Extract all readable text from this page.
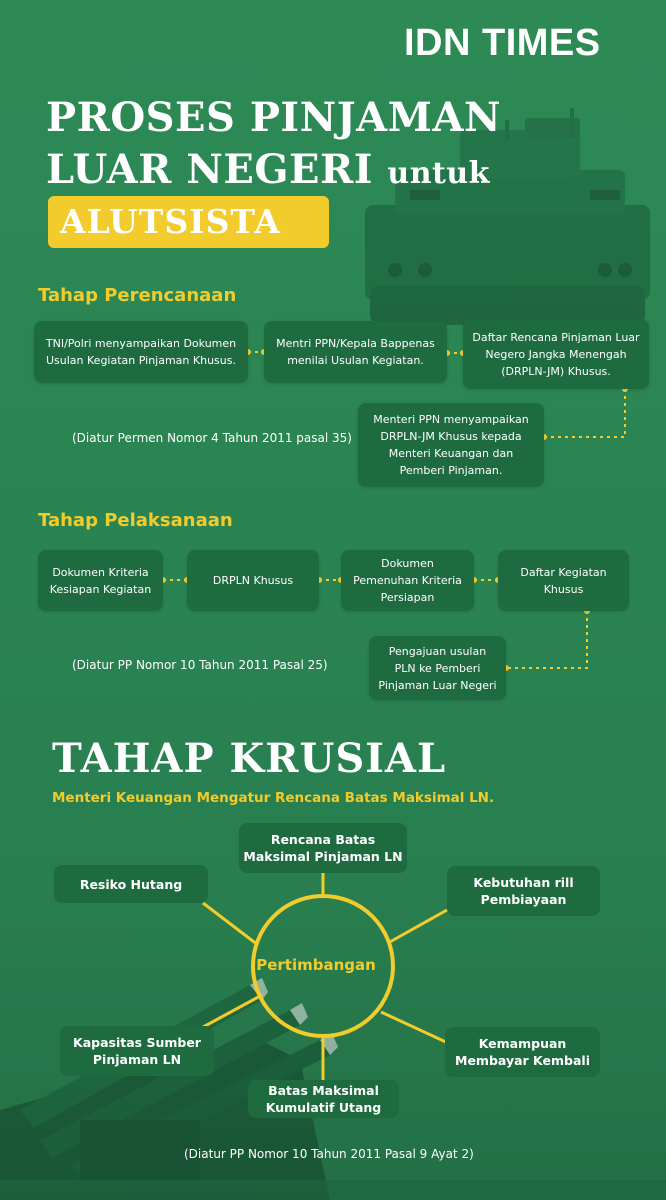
IDN TIMES
PROSES PINJAMAN
LUAR NEGERI untuk
ALUTSISTA
Tahap Perencanaan
TNI/Polri menyampaikan Dokumen Usulan Kegiatan Pinjaman Khusus.
Mentri PPN/Kepala Bappenas menilai Usulan Kegiatan.
Daftar Rencana Pinjaman Luar Negero Jangka Menengah (DRPLN-JM) Khusus.
Menteri PPN menyampaikan DRPLN-JM Khusus kepada Menteri Keuangan dan Pemberi Pinjaman.
(Diatur Permen Nomor 4 Tahun 2011 pasal 35)
Tahap Pelaksanaan
Dokumen Kriteria Kesiapan Kegiatan
DRPLN Khusus
Dokumen Pemenuhan Kriteria Persiapan
Daftar Kegiatan Khusus
Pengajuan usulan PLN ke Pemberi Pinjaman Luar Negeri
(Diatur PP Nomor 10 Tahun 2011 Pasal 25)
TAHAP KRUSIAL
Menteri Keuangan Mengatur Rencana Batas Maksimal LN.
Rencana Batas Maksimal Pinjaman LN
Resiko Hutang	Kebutuhan rill Pembiayaan
Kapasitas Sumber Pinjaman LN
Kemampuan Membayar Kembali
Batas Maksimal Kumulatif Utang
Pertimbangan
(Diatur PP Nomor 10 Tahun 2011 Pasal 9 Ayat 2)
